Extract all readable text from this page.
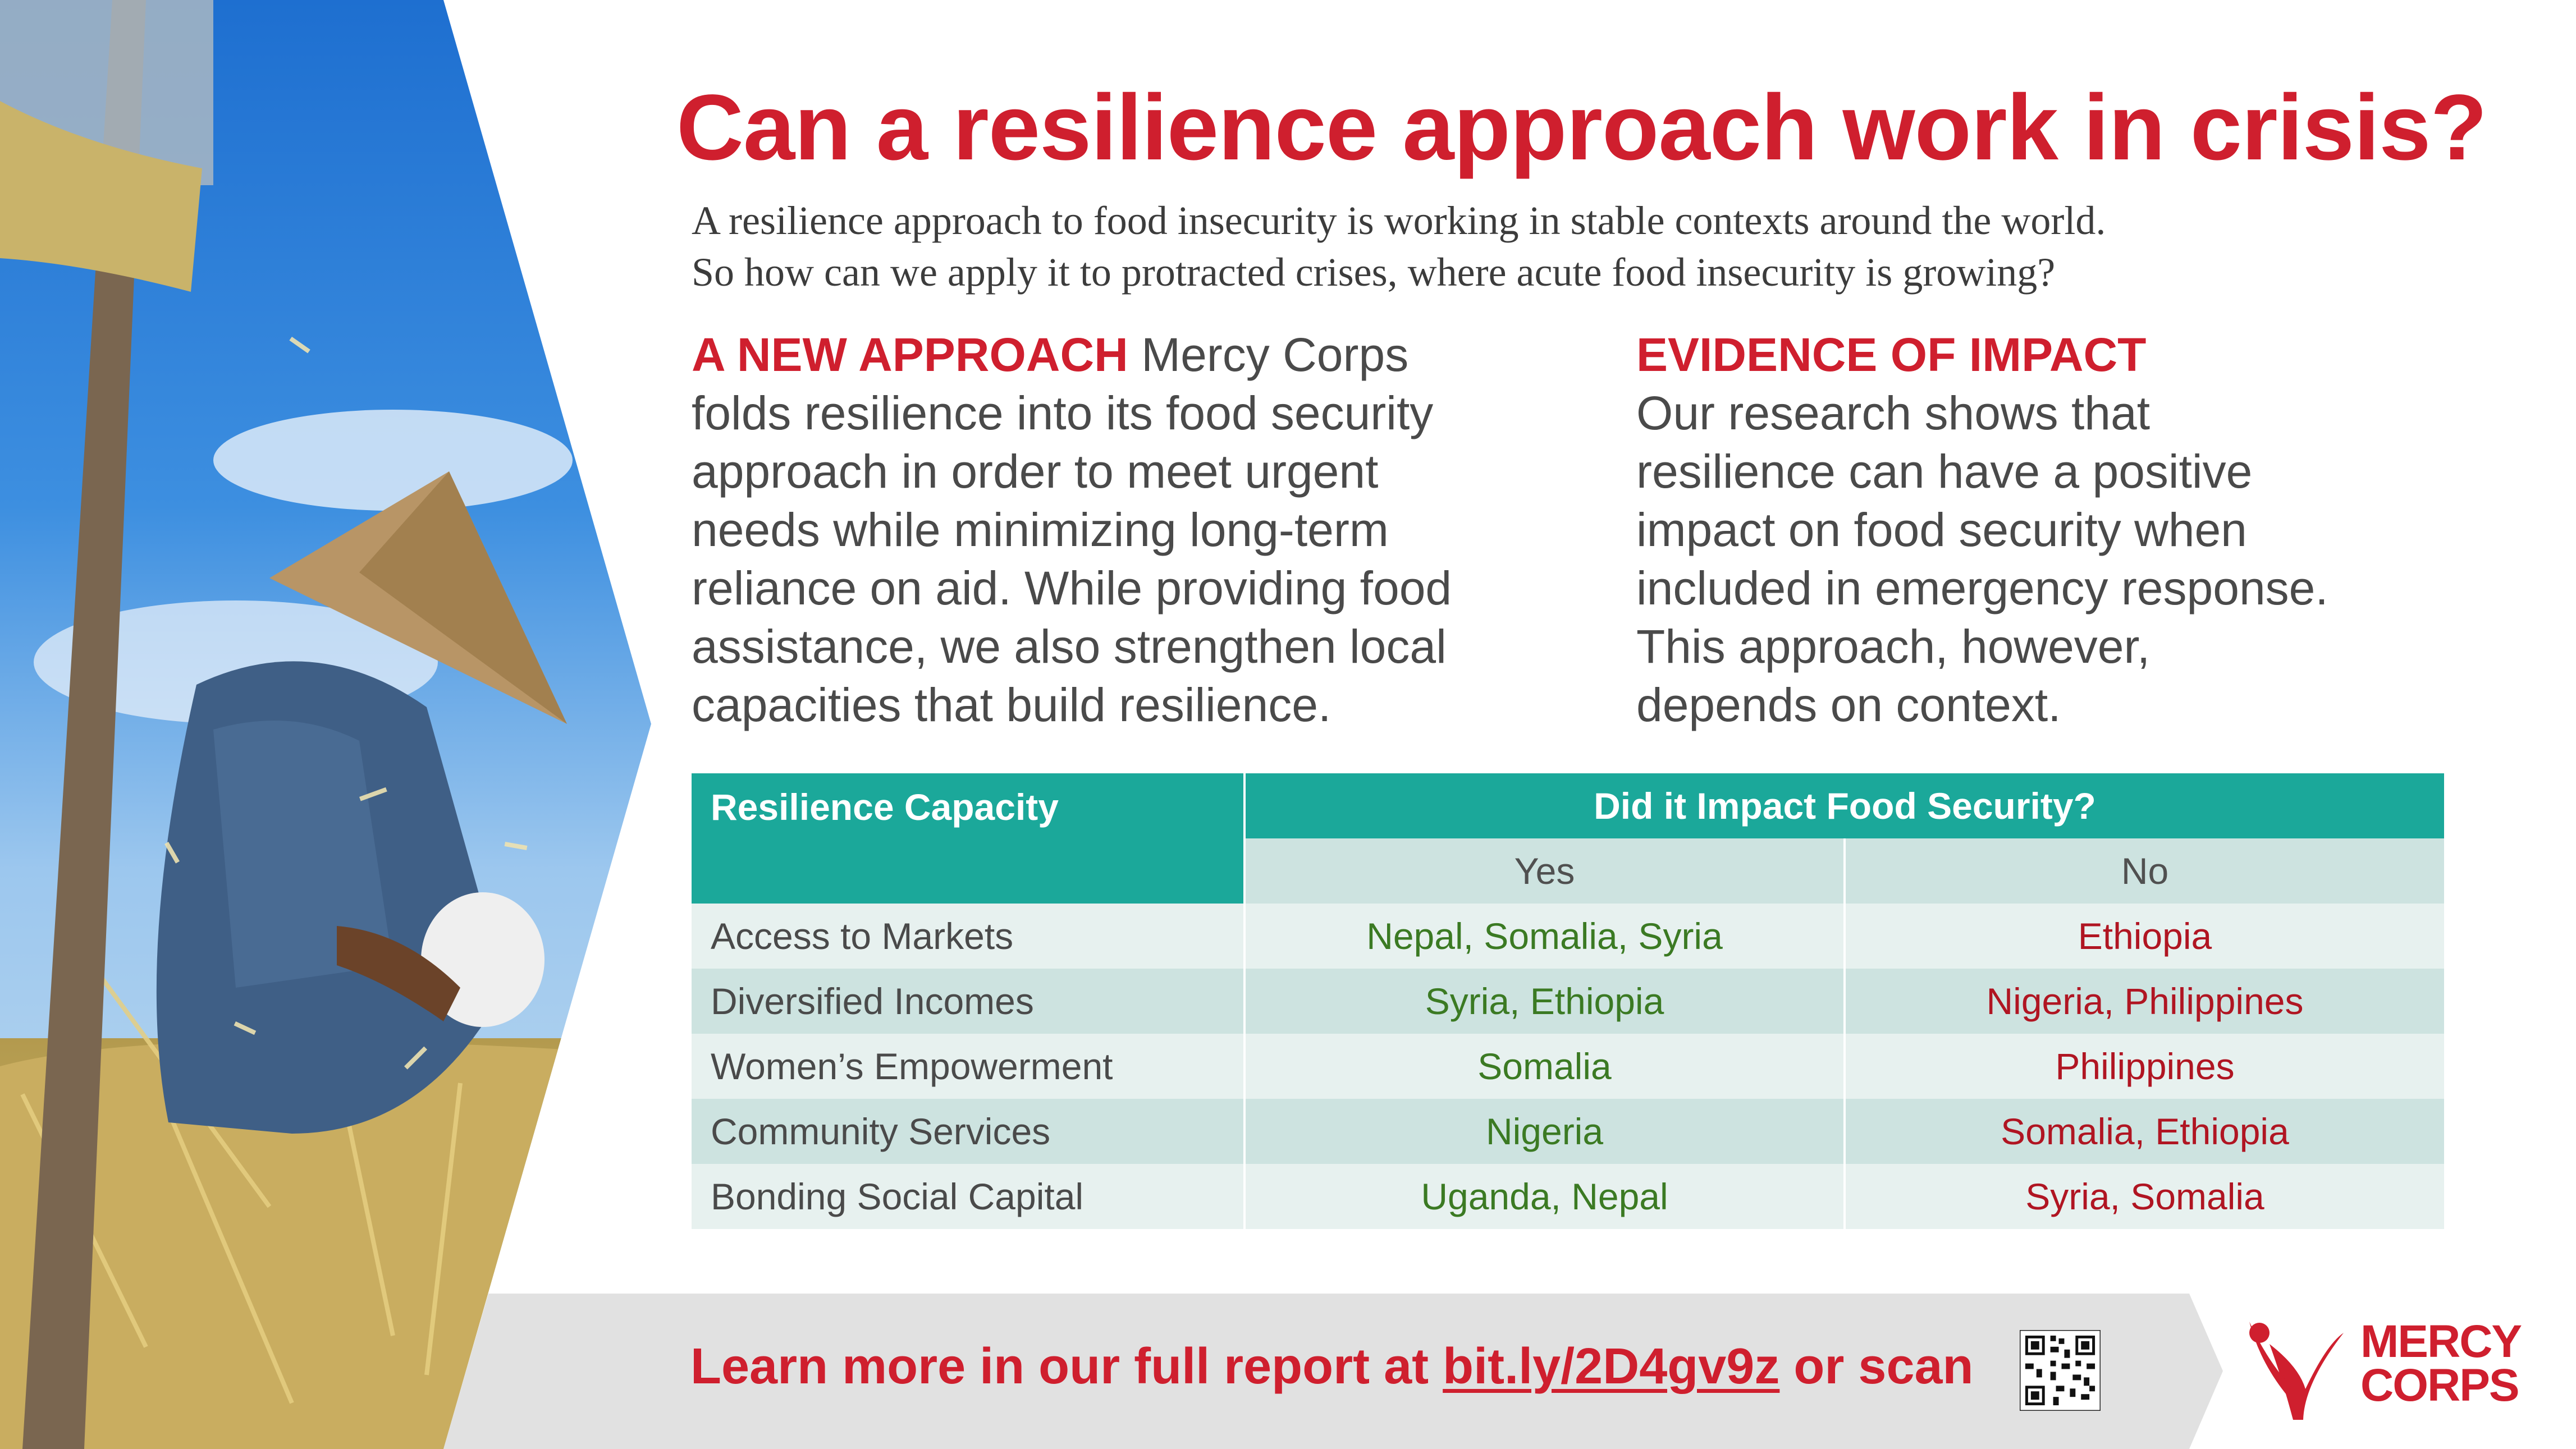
Can a resilience approach work in crisis?
A resilience approach to food insecurity is working in stable contexts around the world.
So how can we apply it to protracted crises, where acute food insecurity is growing?
A NEW APPROACH Mercy Corps
folds resilience into its food security
approach in order to meet urgent
needs while minimizing long-term
reliance on aid. While providing food
assistance, we also strengthen local
capacities that build resilience.
EVIDENCE OF IMPACT
Our research shows that
resilience can have a positive
impact on food security when
included in emergency response.
This approach, however,
depends on context.
Resilience Capacity	Did it Impact Food Security?	
	Yes	No
Access to Markets	Nepal, Somalia, Syria	Ethiopia
Diversified Incomes	Syria, Ethiopia	Nigeria, Philippines
Women’s Empowerment	Somalia	Philippines
Community Services	Nigeria	Somalia, Ethiopia
Bonding Social Capital	Uganda, Nepal	Syria, Somalia
Learn more in our full report at bit.ly/2D4gv9z or scan	MERCY
CORPS
